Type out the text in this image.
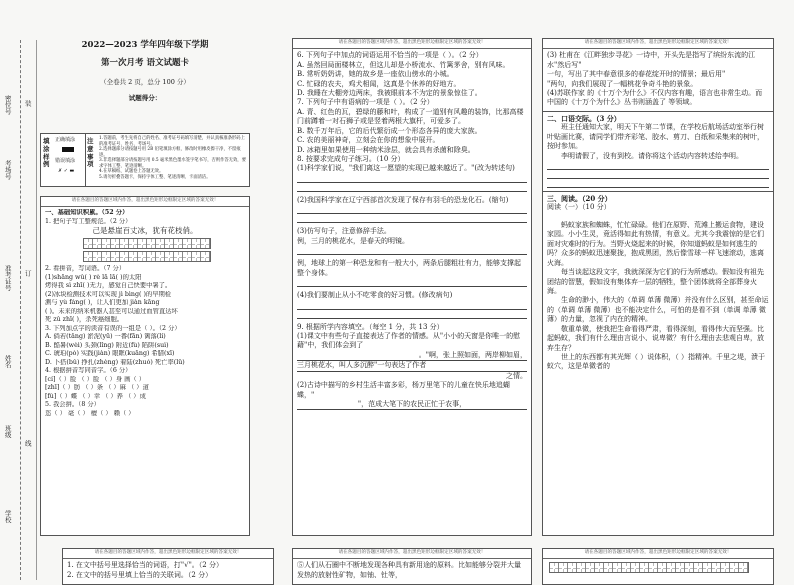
密位号
考场号
准考证号
姓名
班级
学校
装
订
线
2022—2023 学年四年级下学期
第一次月考 语文试题卡
（全卷共 2 页，总分 100 分）
试题得分：
填涂样例
正确填涂
错误填涂
✗ ✓ ▬
注意事项
1.答题前，考生先将自己的姓名、准考证号码填写清楚，并认真核准条形码上的准考证号、姓名、考场号。
2.选择题部分请按题号用 2B 铅笔填涂方框，修改时用橡皮擦干净，不留痕迹。
3.非选择题部分请按题号用 0.5 毫米黑色墨水签字笔书写，否则作答无效，要求字体工整、笔迹清晰。
4.在草稿纸、试题卷上答题无效。
5.请勿折叠答题卡，保持字体工整、笔迹清晰、卡面清洁。
请在各题目的答题区域内作答，超出黑色矩形边框限定区域的答案无效！
一、基础知识积累。（52 分）
1. 把句子写工整规范。（2 分）
己是悬崖百丈冰，犹有花枝俏。
2. 看拼音，写词语。（7 分）
(1)shāng wǔ( ) rè lā lā( )的太阳
烤得我 sì zhī( )无力，感觉自己快要中暑了。
(2)冰块检测技术可以实现 jì bìng( )的早期检
测与 yù fáng( )，让人们更加 jiàn kāng
( )。未来的纳米机器人甚至可以通过血管直达坏
死 zǔ zhī( )，杀死癌细胞。
3. 下列加点字的读音有误的一组是（ ）。（2 分）
A. 倘若(tǎng) 淤泥(yū) 一番(fān) 篱落(lí)
B. 酷暑(wèi) 头颈(lǐng) 附近(fù) 陷阱(suì)
C. 琥珀(pò) 实践(jiàn) 眼眶(kuāng) 希腊(xī)
D. 卜搭(bǔ) 挣扎(zhèng) 着陆(zhuó) 死亡率(lǜ)
4. 根据拼音写同音字。（6 分）
[cí]（ ）脸 （ ）脸 （ ）身 画（ ）
[zhī]（ ）肪 （ ）条 （ ）麻 （ ）道
[fú]（ ）蝶 （ ）幸 （ ）养 （ ）成
5. 我会拼。（8 分）
恣（ ） 毫（ ） 檀（ ） 赖（ ）
请在各题目的答题区域内作答，超出黑色矩形边框限定区域的答案无效！
6. 下列句子中加点的词语运用不恰当的一项是（ ）。（2 分）
A. 虽然回局面楼林立，但这儿却是小桥流水、竹篱茅舍，别有风味。
B. 常听奶奶讲，她的故乡是一座依山傍水的小城。
C. 忙碌的农夫，鸡犬相闻，这真是个休养的好地方。
D. 我睡在大棚旁边两床，我被眼前本不为定的景象惊住了。
7. 下列句子中有语病的一项是（ ）。（2 分）
A. 青、红色的瓦，碧绿的藤和叶，构成了一道别有风趣的装饰，比那高楼门前蹲着一对石狮子或是竖着两根大旗杆，可爱多了。
B. 数千万年后，它的后代繁衍成一个形态各异的庞大家族。
C. 农的美丽神奇，立刻会在你的想象中展开。
D. 冰箱里如果使用一种纳米涂层，就会具有杀菌和除臭。
8. 按要求完成句子练习。（10 分）
(1)科学家们说，"我们离这一愿望的实现已越来越近了。"(改为转述句)
(2)我国科学家在辽宁西部首次发现了保存有羽毛的恐龙化石。(缩句)
(3)仿写句子，注意修辞手法。
例，三月的桃花水，是春天的明镜。
例，地球上的第一种恐龙和有一般大小，两条后腿粗壮有力，能够支撑起整个身体。
(4)我们要制止从小不吃零食的好习惯。(修改病句)
9. 根据所学内容填空。（每空 1 分，共 13 分）
(1)课文中有些句子直接表达了作者的情感。从"小小的天窗是你唯一的慰藉"中，我们体会到了
。"啊，张上照如面，两岸柳如眉，
三月桃花水，叫人多沉醉"一句表达了作者
之情。
(2)古诗中描写的乡村生活丰富多彩，杨万里笔下的儿童在快乐地追蝴蝶，"
"，范成大笔下的农民正忙于农事，
请在各题目的答题区域内作答，超出黑色矩形边框限定区域的答案无效！
(3) 杜甫在《江畔独步寻花》一诗中，开头先是指写了缤纷东流的江水"然后写"
一句，写出了其中春意很多的春花绽开时的情景；最后用"
"两句，向我们展现了一幅桃花争奇斗艳的景象。
(4)苏联作家 的《十万个为什么》不仅内容有趣，语言也非常生动。而中国的《十万个为什么》丛书则涵盖了 等领域。
二、口语交际。（3 分）
班主任通知大家，明天下午第二节课，在学校后航场活动室举行树叶贴画比赛，请同学们带齐彩笔、胶水、剪刀、白纸和采集来的树叶，按时参加。
李明请假了，没有到校。请你将这个活动内容转述给李明。
三、阅读。（20 分）
阅读（一）（10 分）
蚂蚁家族和蜘蛛，忙忙碌碌。他们在原野、荒滩上搬运食物，建设家园。小小生灵，竟活得如此有热情，有意义。尤其今我震惊的是它们面对灾难时的行为。当野火烧起来的时候，你知道蚂蚁是如何逃生的吗？众多的蚂蚁迅速聚拢，抱成黑团，然后像雪球一样飞速滚动，逃离火海。
每当谈起这段文字，我就深深为它们的行为所感动。假如没有祖先团结的智慧，假如没有集体弃一层的牺牲，整个团体就将全部葬身火海。
生命的渺小，伟大的（单调 单薄 微薄）并没有什么区别，甚至命运的（单调 单薄 微薄）也不能决定什么，可怕的是看不到（单调 单薄 微薄）的力量，忽视了内在的精神。
敬重单微，使我把生命看得严肃，看得深刻，看得伟大而坚强。比起蚂蚁，我们有什么理由言说小、说卑微？有什么理由去悲观自卑，放弃生存？
世上的东西都有其光辉（ ）说体积，（ ）指精神。千里之堤，溃于蚁穴，这是单微者的
请在各题目的答题区域内作答，超出黑色矩形边框限定区域的答案无效！
1. 在文中括号里选择恰当的词语，打"√"。（2 分）
2. 在文中的括号里填上恰当的关联词。（2 分）
请在各题目的答题区域内作答，超出黑色矩形边框限定区域的答案无效！
⑤人们从石圈中不断地发现各种具有新用途的原料。比如能够分裂并大量发热的放射性矿物，如铀、钍等，
请在各题目的答题区域内作答，超出黑色矩形边框限定区域的答案无效！
